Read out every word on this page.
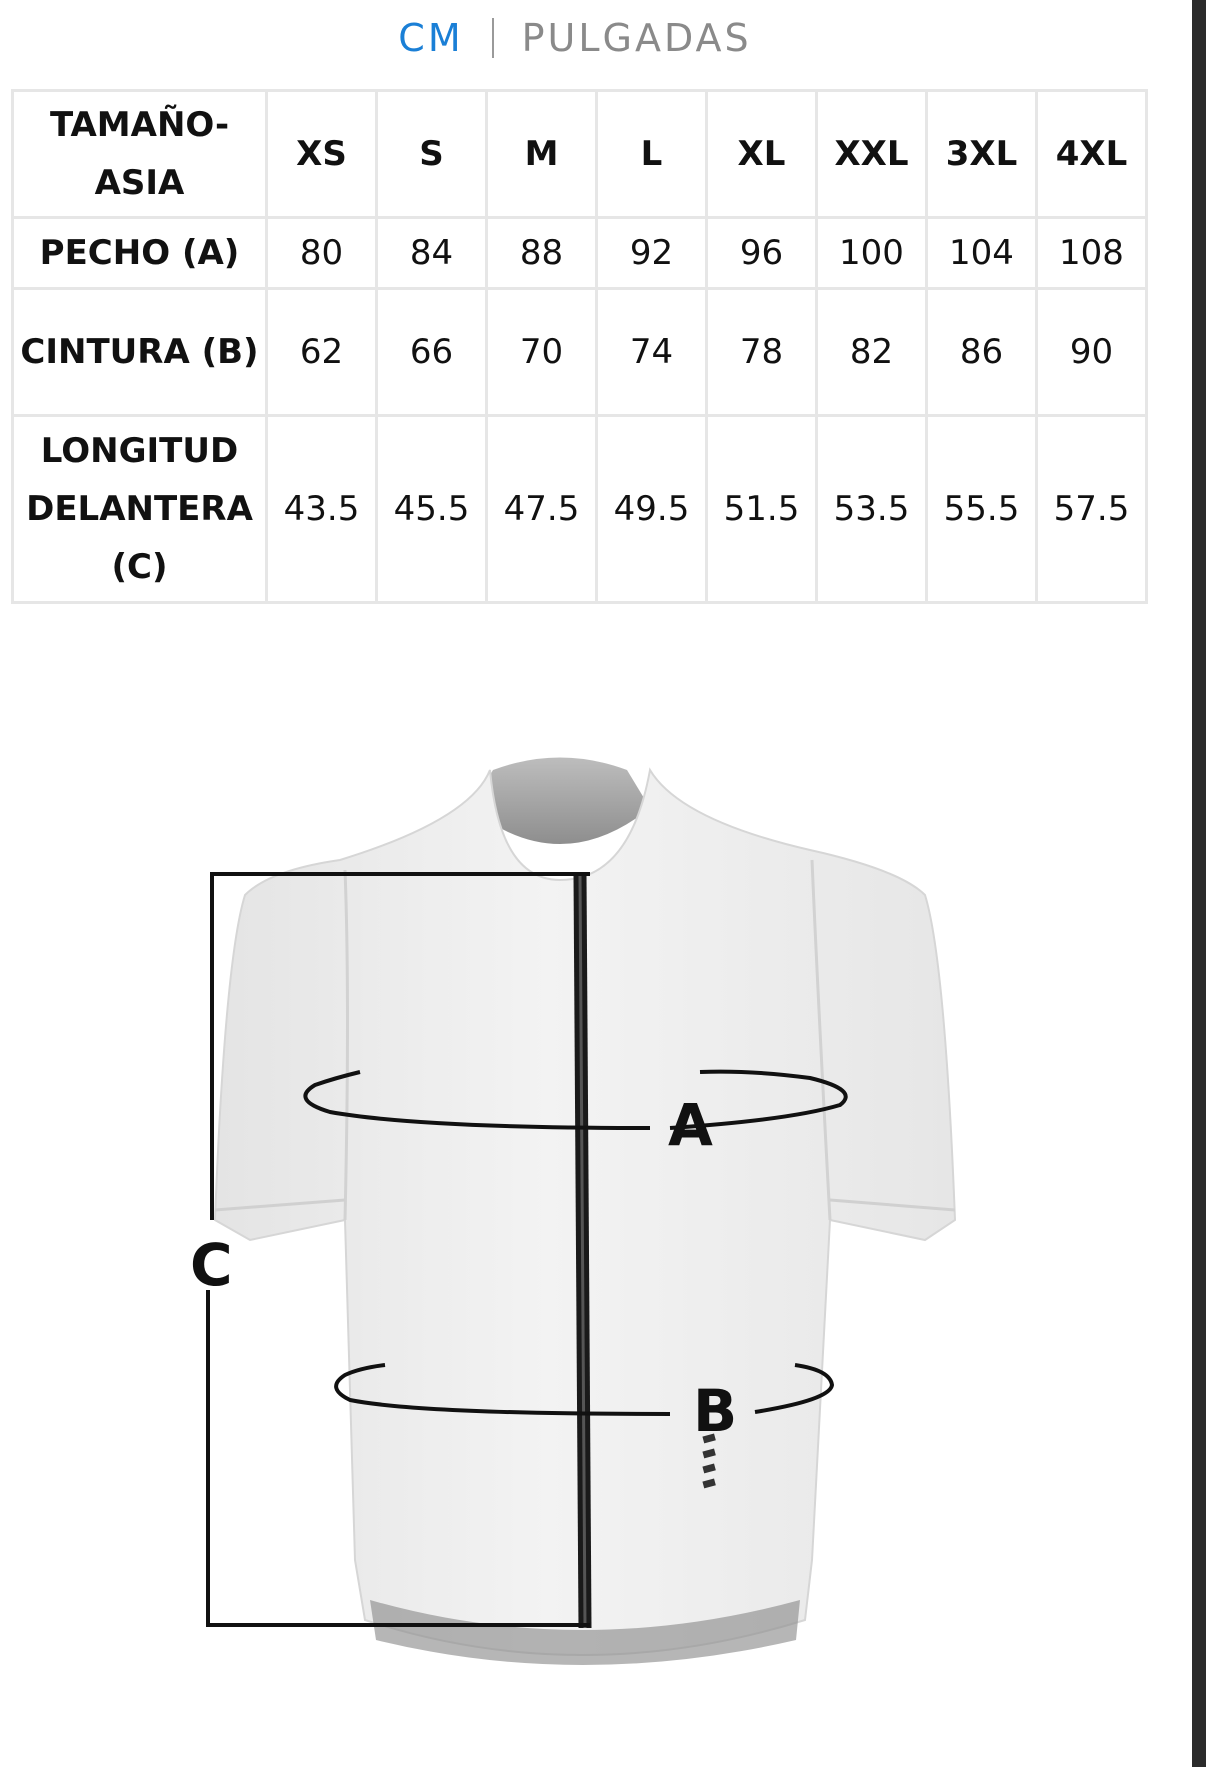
CM	PULGADAS
TAMAÑO- ASIA	XS	S	M	L	XL	XXL	3XL	4XL
PECHO (A)	80	84	88	92	96	100	104	108
CINTURA (B)	62	66	70	74	78	82	86	90
LONGITUD DELANTERA (C)	43.5	45.5	47.5	49.5	51.5	53.5	55.5	57.5
A
B
C
